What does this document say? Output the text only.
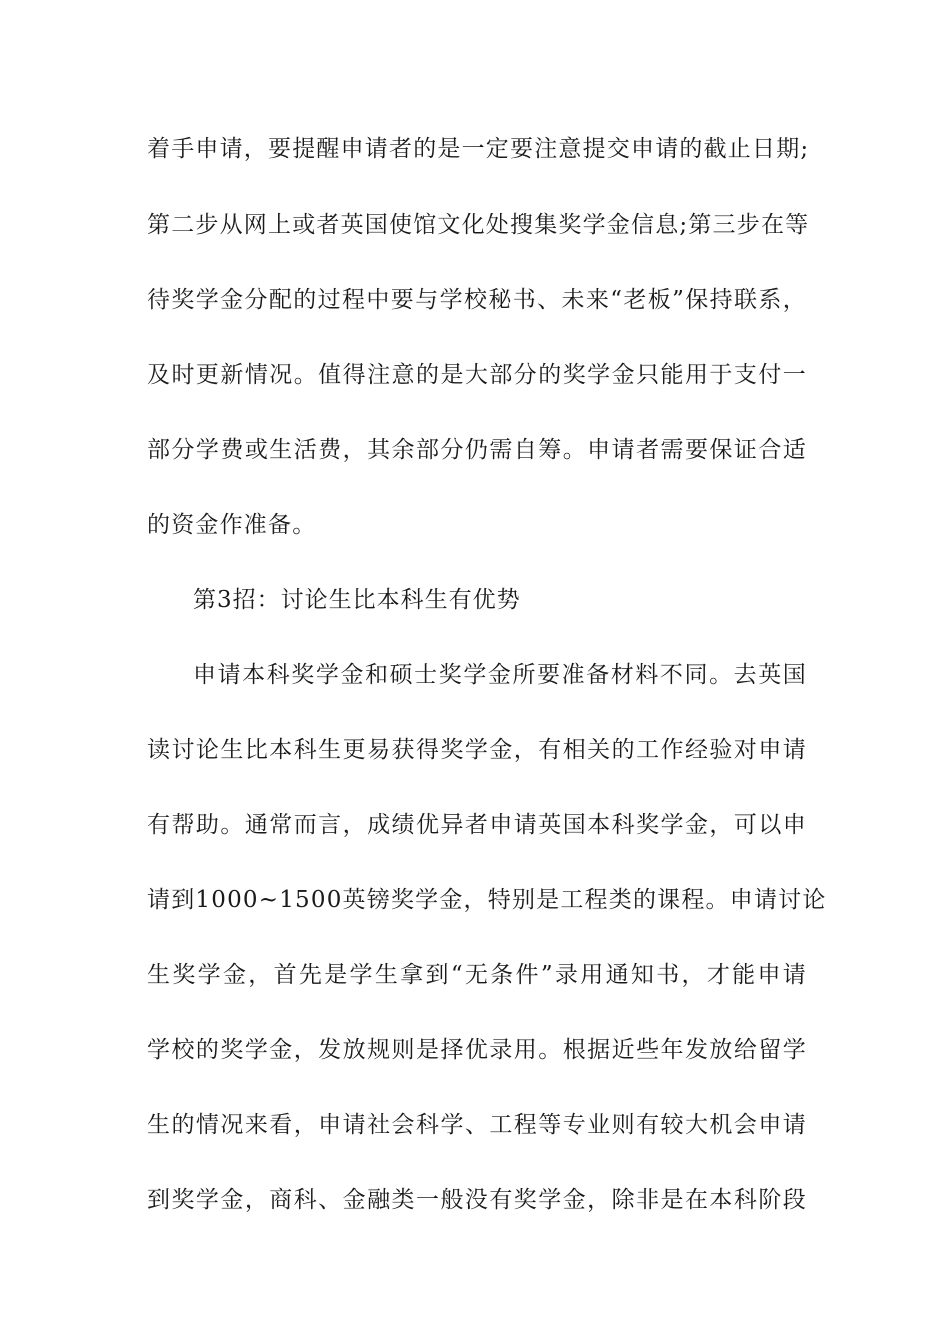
着手申请，要提醒申请者的是一定要注意提交申请的截止日期;
第二步从网上或者英国使馆文化处搜集奖学金信息;第三步在等
待奖学金分配的过程中要与学校秘书、未来“老板”保持联系，
及时更新情况。值得注意的是大部分的奖学金只能用于支付一
部分学费或生活费，其余部分仍需自筹。申请者需要保证合适
的资金作准备。
第3招：讨论生比本科生有优势
申请本科奖学金和硕士奖学金所要准备材料不同。去英国
读讨论生比本科生更易获得奖学金，有相关的工作经验对申请
有帮助。通常而言，成绩优异者申请英国本科奖学金，可以申
请到1000~1500英镑奖学金，特别是工程类的课程。申请讨论
生奖学金，首先是学生拿到“无条件”录用通知书，才能申请
学校的奖学金，发放规则是择优录用。根据近些年发放给留学
生的情况来看，申请社会科学、工程等专业则有较大机会申请
到奖学金，商科、金融类一般没有奖学金，除非是在本科阶段
